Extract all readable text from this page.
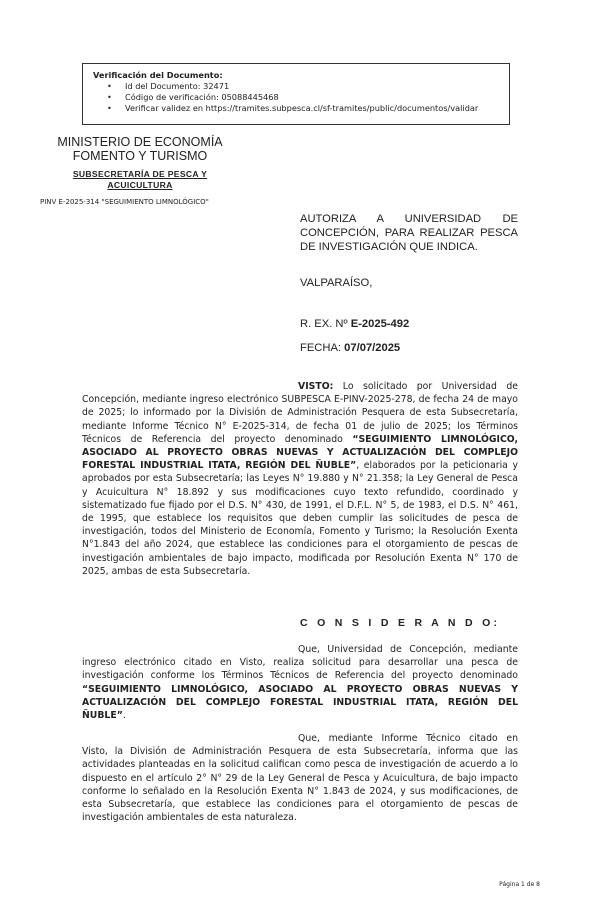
Verificación del Documento:
• Id del Documento: 32471
• Código de verificación: 05088445468
• Verificar validez en https://tramites.subpesca.cl/sf-tramites/public/documentos/validar
MINISTERIO DE ECONOMÍA
FOMENTO Y TURISMO
SUBSECRETARÍA DE PESCA Y
ACUICULTURA
PINV E-2025-314 "SEGUIMIENTO LIMNOLÓGICO"
AUTORIZA A UNIVERSIDAD DE CONCEPCIÓN, PARA REALIZAR PESCA DE INVESTIGACIÓN QUE INDICA.
VALPARAÍSO,
R. EX. Nº E-2025-492
FECHA: 07/07/2025
VISTO: Lo solicitado por Universidad de Concepción, mediante ingreso electrónico SUBPESCA E-PINV-2025-278, de fecha 24 de mayo de 2025; lo informado por la División de Administración Pesquera de esta Subsecretaría, mediante Informe Técnico N° E-2025-314, de fecha 01 de julio de 2025; los Términos Técnicos de Referencia del proyecto denominado “SEGUIMIENTO LIMNOLÓGICO, ASOCIADO AL PROYECTO OBRAS NUEVAS Y ACTUALIZACIÓN DEL COMPLEJO FORESTAL INDUSTRIAL ITATA, REGIÓN DEL ÑUBLE”, elaborados por la peticionaria y aprobados por esta Subsecretaría; las Leyes N° 19.880 y N° 21.358; la Ley General de Pesca y Acuicultura N° 18.892 y sus modificaciones cuyo texto refundido, coordinado y sistematizado fue fijado por el D.S. N° 430, de 1991, el D.F.L. N° 5, de 1983, el D.S. N° 461, de 1995, que establece los requisitos que deben cumplir las solicitudes de pesca de investigación, todos del Ministerio de Economía, Fomento y Turismo; la Resolución Exenta N°1.843 del año 2024, que establece las condiciones para el otorgamiento de pescas de investigación ambientales de bajo impacto, modificada por Resolución Exenta N° 170 de 2025, ambas de esta Subsecretaría.
C O N S I D E R A N D O:
Que, Universidad de Concepción, mediante ingreso electrónico citado en Visto, realiza solicitud para desarrollar una pesca de investigación conforme los Términos Técnicos de Referencia del proyecto denominado “SEGUIMIENTO LIMNOLÓGICO, ASOCIADO AL PROYECTO OBRAS NUEVAS Y ACTUALIZACIÓN DEL COMPLEJO FORESTAL INDUSTRIAL ITATA, REGIÓN DEL ÑUBLE”.
Que, mediante Informe Técnico citado en Visto, la División de Administración Pesquera de esta Subsecretaría, informa que las actividades planteadas en la solicitud califican como pesca de investigación de acuerdo a lo dispuesto en el artículo 2° N° 29 de la Ley General de Pesca y Acuicultura, de bajo impacto conforme lo señalado en la Resolución Exenta N° 1.843 de 2024, y sus modificaciones, de esta Subsecretaría, que establece las condiciones para el otorgamiento de pescas de investigación ambientales de esta naturaleza.
Página 1 de 8
